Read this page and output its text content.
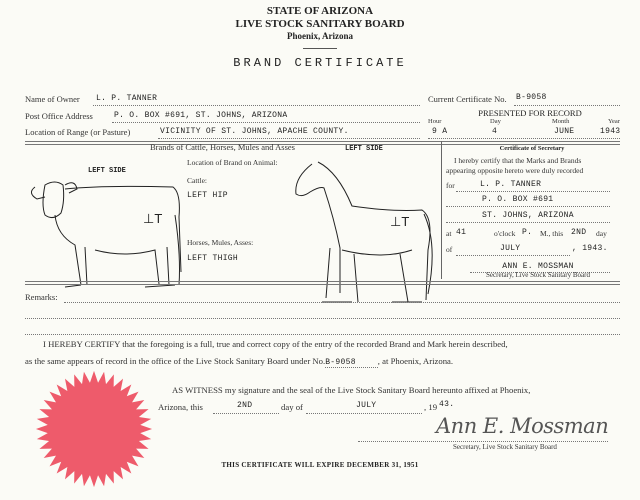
STATE OF ARIZONA
LIVE STOCK SANITARY BOARD
Phoenix, Arizona
BRAND CERTIFICATE
Name of Owner L. P. TANNER
Post Office Address	P. O. BOX #691, ST. JOHNS, ARIZONA
Location of Range (or Pasture)	VICINITY OF ST. JOHNS, APACHE COUNTY.
Current Certificate No. B-9058
PRESENTED FOR RECORD
Hour	Day	Month	Year
9 A	4	JUNE	1943
Brands of Cattle, Horses, Mules and Asses
LEFT SIDE
LEFT SIDE
⊥T
Location of Brand on Animal:
Cattle:
LEFT HIP
Horses, Mules, Asses:
LEFT THIGH
⊥T
Certificate of Secretary
I hereby certify that the Marks and Brands
appearing opposite hereto were duly recorded
for	L. P. TANNER
P. O. BOX #691
ST. JOHNS, ARIZONA
at 41	o'clock P. M., this 2ND day
of	JULY	, 1943.
ANN E. MOSSMAN
Secretary, Live Stock Sanitary Board
Remarks:
I HEREBY CERTIFY that the foregoing is a full, true and correct copy of the entry of the recorded Brand and Mark herein described,
as the same appears of record in the office of the Live Stock Sanitary Board under No.B-9058	, at Phoenix, Arizona.
AS WITNESS my signature and the seal of the Live Stock Sanitary Board hereunto affixed at Phoenix,
Arizona, this	2ND	day of	JULY	, 19 43.
Ann E. Mossman
Secretary, Live Stock Sanitary Board
THIS CERTIFICATE WILL EXPIRE DECEMBER 31, 1951
